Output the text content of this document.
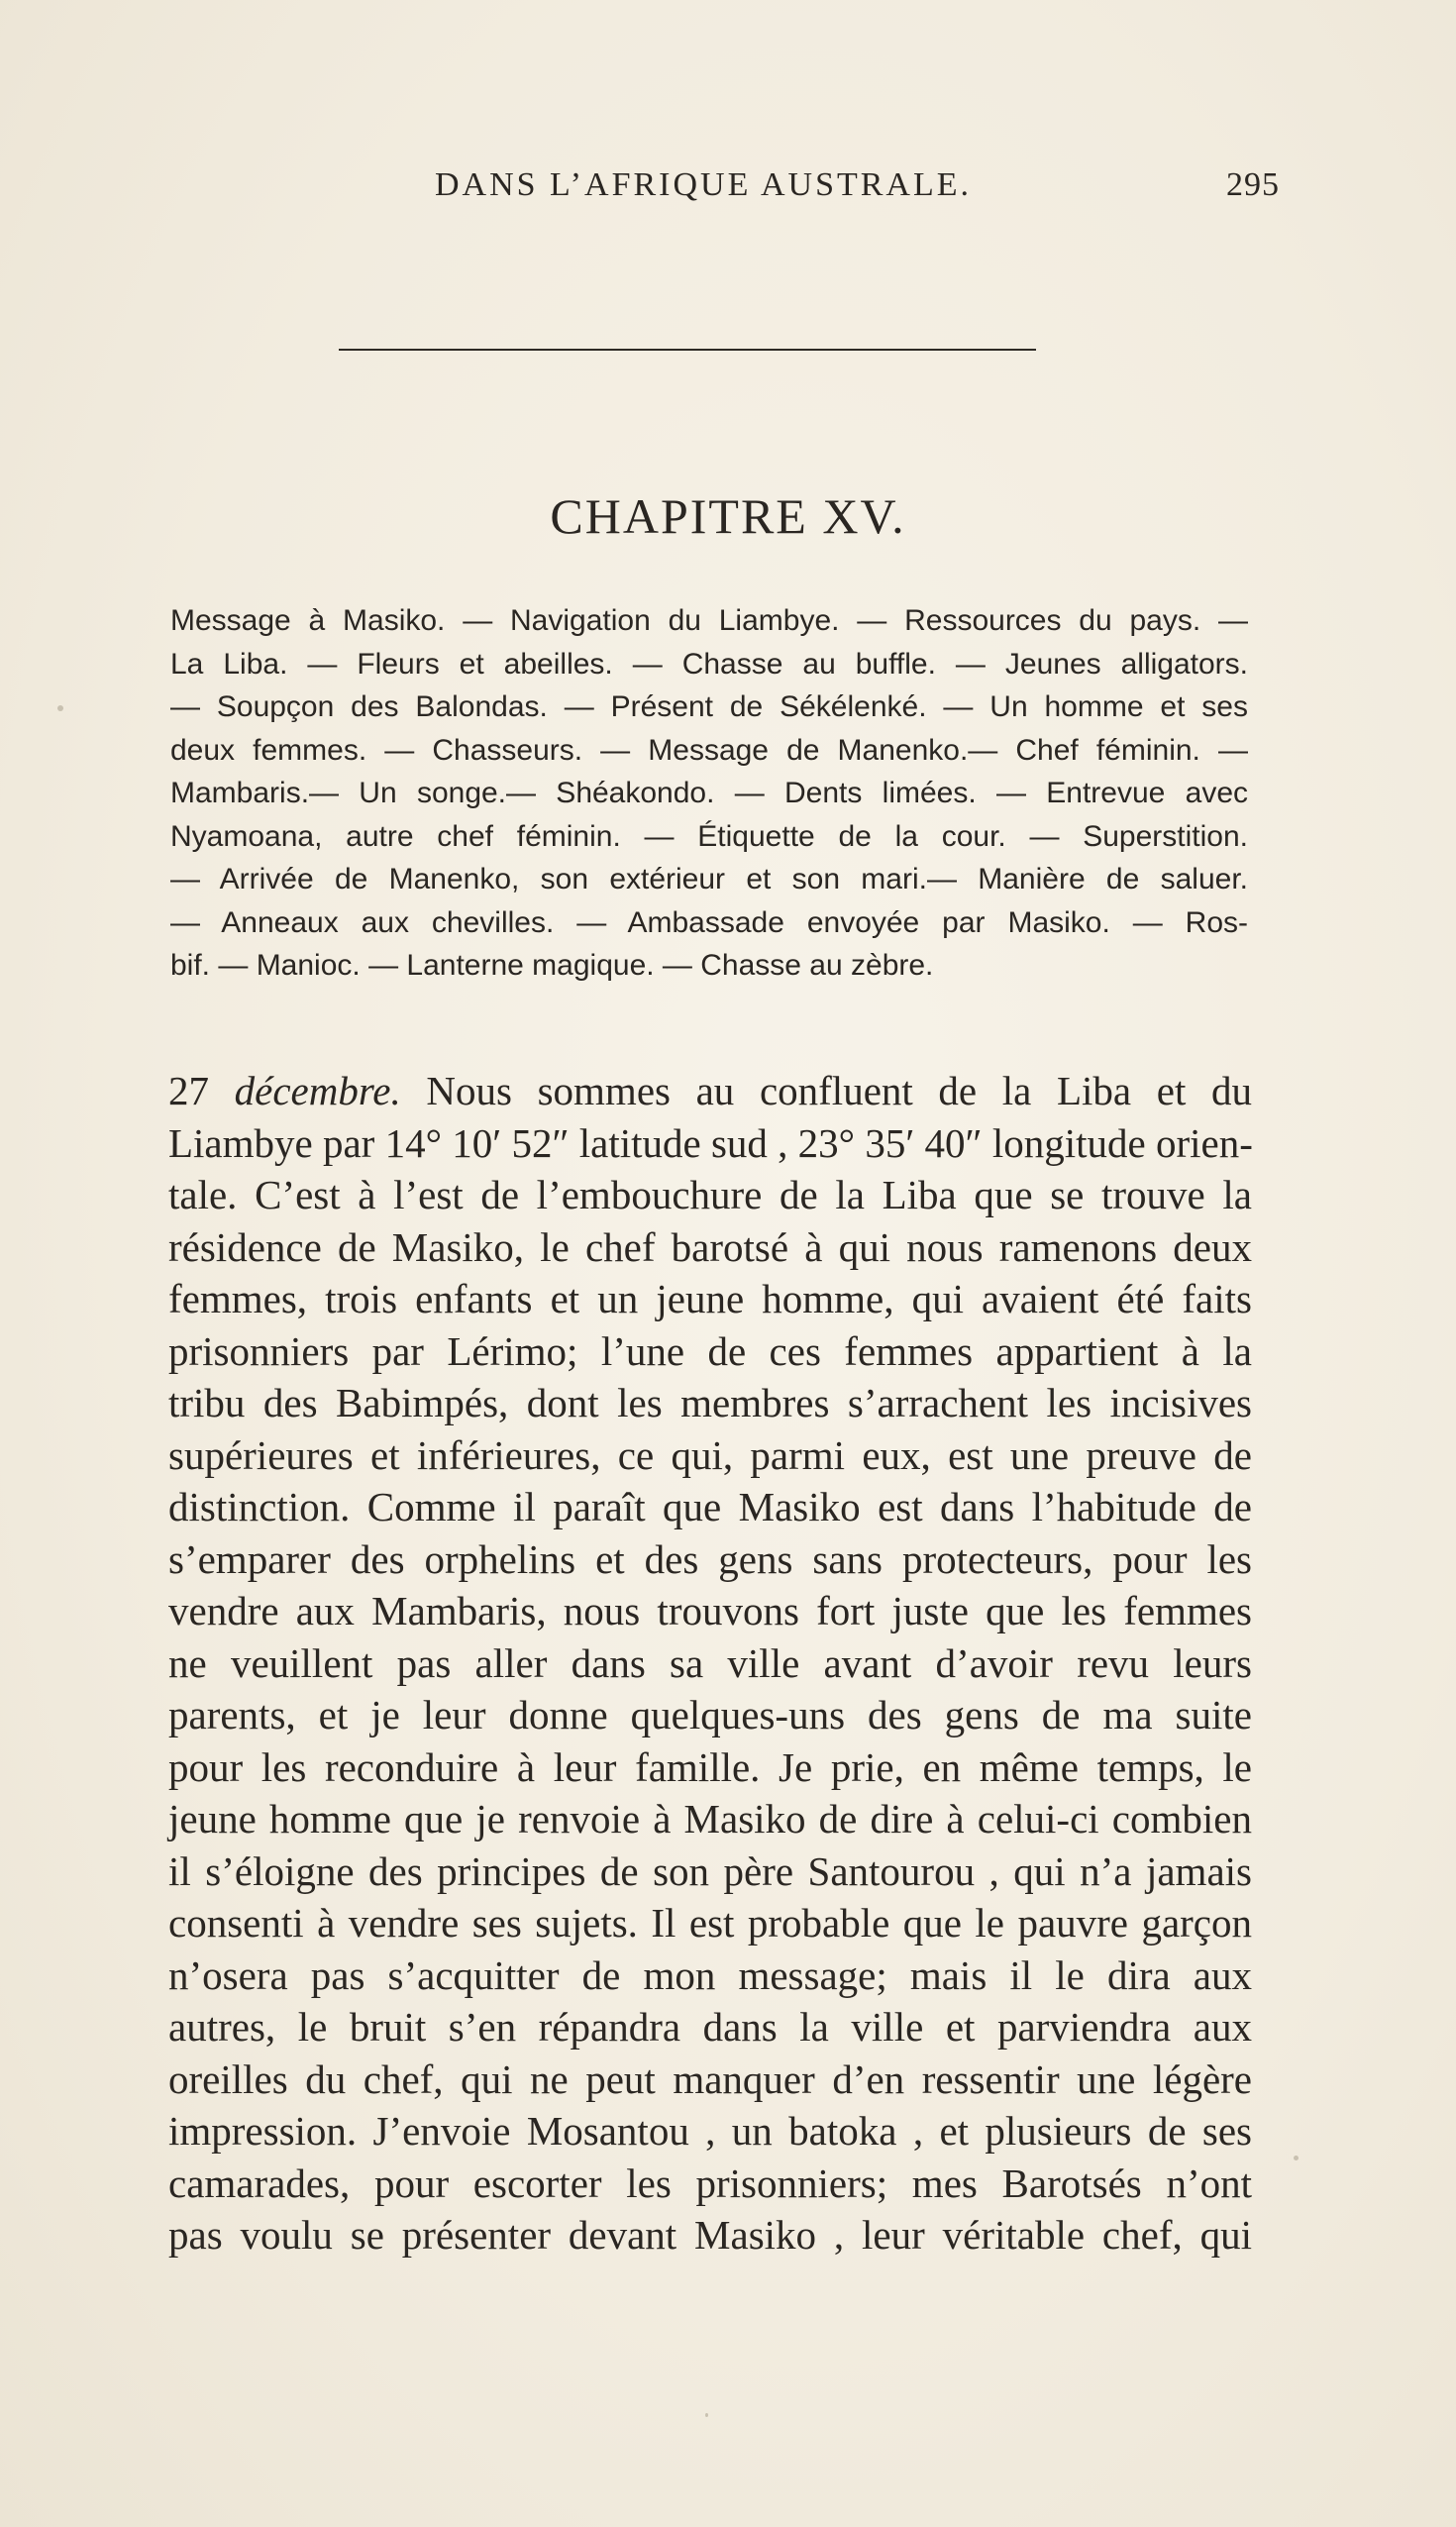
DANS L’AFRIQUE AUSTRALE.	295
CHAPITRE XV.
Message à Masiko. — Navigation du Liambye. — Ressources du pays. —
La Liba. — Fleurs et abeilles. — Chasse au buffle. — Jeunes alligators.
— Soupçon des Balondas. — Présent de Sékélenké. — Un homme et ses
deux femmes. — Chasseurs. — Message de Manenko.— Chef féminin. —
Mambaris.— Un songe.— Shéakondo. — Dents limées. — Entrevue avec
Nyamoana, autre chef féminin. — Étiquette de la cour. — Superstition.
— Arrivée de Manenko, son extérieur et son mari.— Manière de saluer.
— Anneaux aux chevilles. — Ambassade envoyée par Masiko. — Ros-
bif. — Manioc. — Lanterne magique. — Chasse au zèbre.
27 décembre. Nous sommes au confluent de la Liba et du
Liambye par 14° 10′ 52″ latitude sud , 23° 35′ 40″ longitude orien-
tale. C’est à l’est de l’embouchure de la Liba que se trouve la
résidence de Masiko, le chef barotsé à qui nous ramenons deux
femmes, trois enfants et un jeune homme, qui avaient été faits
prisonniers par Lérimo; l’une de ces femmes appartient à la
tribu des Babimpés, dont les membres s’arrachent les incisives
supérieures et inférieures, ce qui, parmi eux, est une preuve de
distinction. Comme il paraît que Masiko est dans l’habitude de
s’emparer des orphelins et des gens sans protecteurs, pour les
vendre aux Mambaris, nous trouvons fort juste que les femmes
ne veuillent pas aller dans sa ville avant d’avoir revu leurs
parents, et je leur donne quelques-uns des gens de ma suite
pour les reconduire à leur famille. Je prie, en même temps, le
jeune homme que je renvoie à Masiko de dire à celui-ci combien
il s’éloigne des principes de son père Santourou , qui n’a jamais
consenti à vendre ses sujets. Il est probable que le pauvre garçon
n’osera pas s’acquitter de mon message; mais il le dira aux
autres, le bruit s’en répandra dans la ville et parviendra aux
oreilles du chef, qui ne peut manquer d’en ressentir une légère
impression. J’envoie Mosantou , un batoka , et plusieurs de ses
camarades, pour escorter les prisonniers; mes Barotsés n’ont
pas voulu se présenter devant Masiko , leur véritable chef, qui
